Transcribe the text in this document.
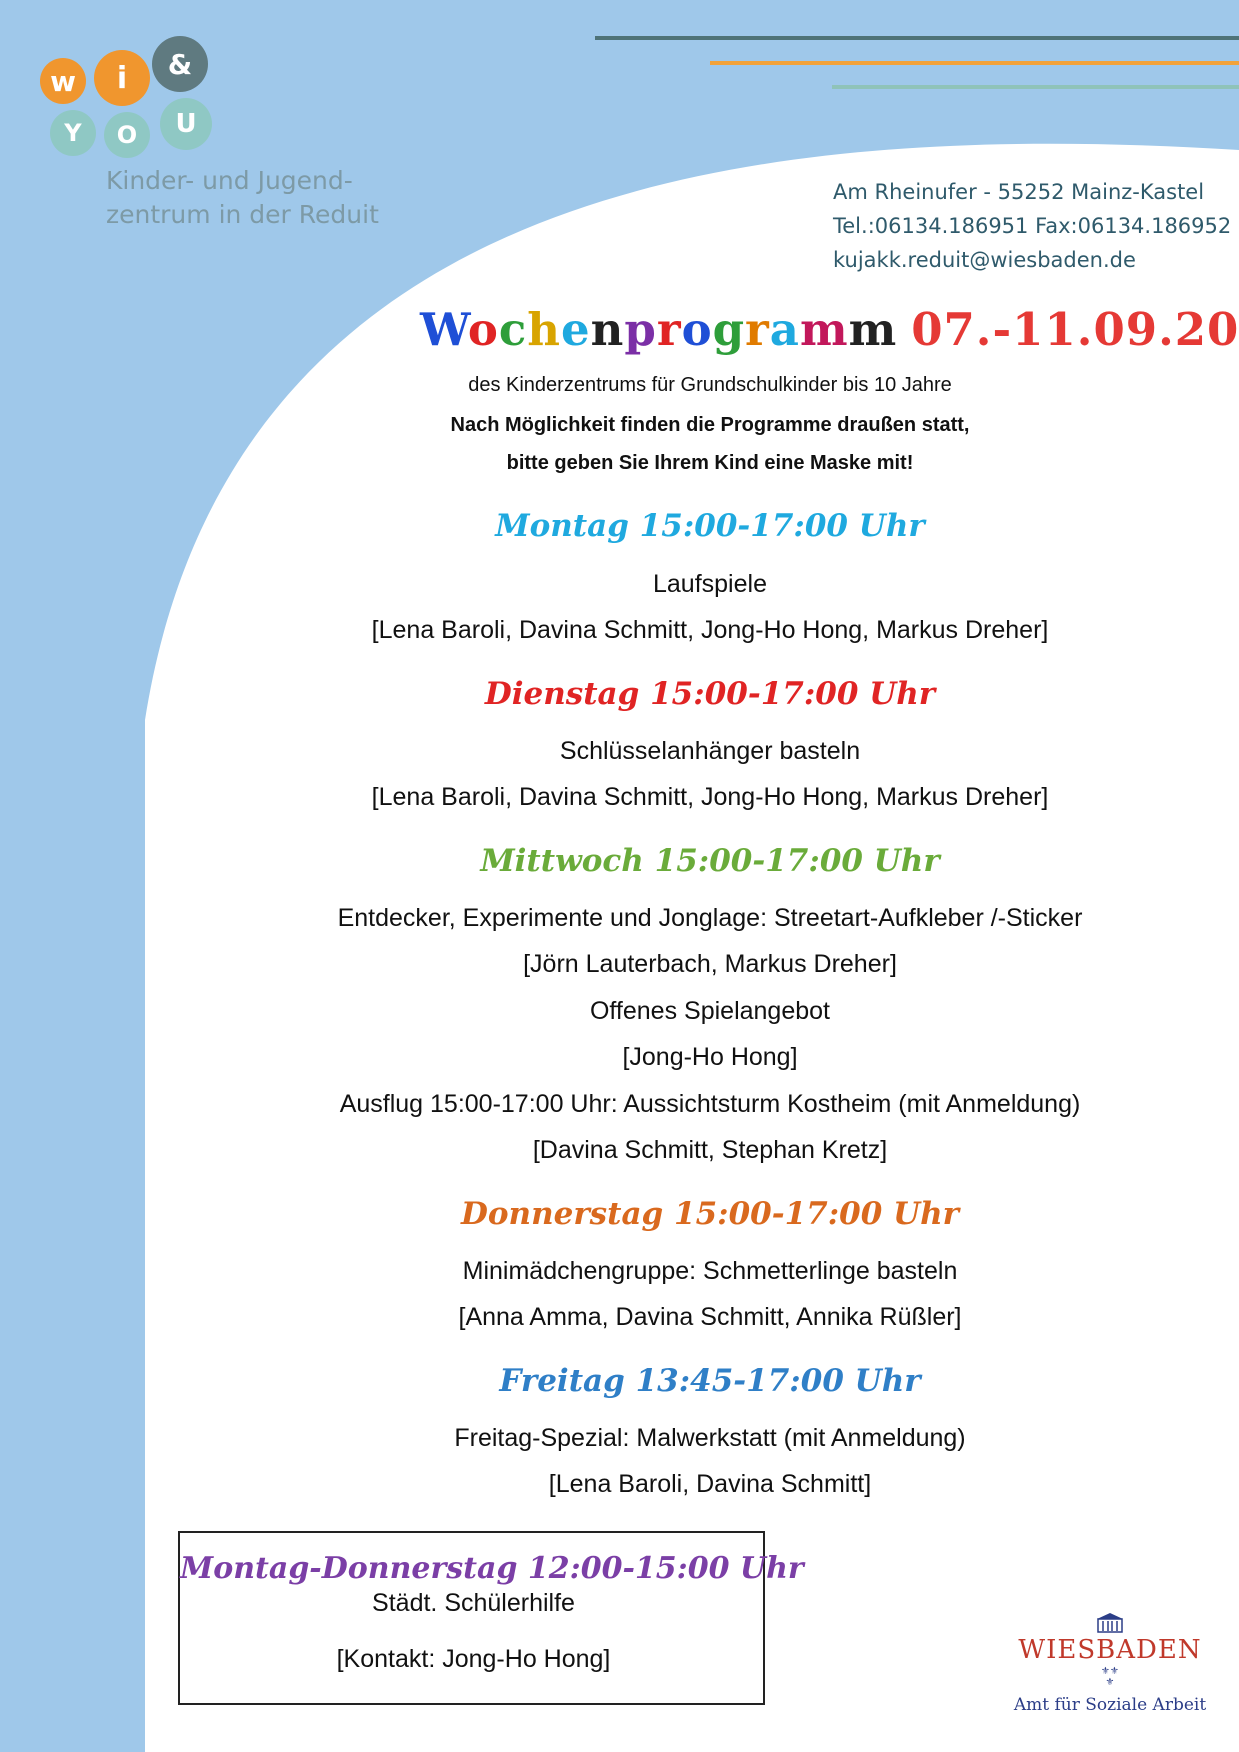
w	i	&
Y	O	U
Kinder- und Jugend-
zentrum in der Reduit
Am Rheinufer - 55252 Mainz-Kastel
Tel.:06134.186951 Fax:06134.186952
kujakk.reduit@wiesbaden.de
Wochenprogramm 07.-11.09.20
des Kinderzentrums für Grundschulkinder bis 10 Jahre
Nach Möglichkeit finden die Programme draußen statt,
bitte geben Sie Ihrem Kind eine Maske mit!
Montag 15:00-17:00 Uhr
Laufspiele
[Lena Baroli, Davina Schmitt, Jong-Ho Hong, Markus Dreher]
Dienstag 15:00-17:00 Uhr
Schlüsselanhänger basteln
[Lena Baroli, Davina Schmitt, Jong-Ho Hong, Markus Dreher]
Mittwoch 15:00-17:00 Uhr
Entdecker, Experimente und Jonglage: Streetart-Aufkleber /-Sticker
[Jörn Lauterbach, Markus Dreher]
Offenes Spielangebot
[Jong-Ho Hong]
Ausflug 15:00-17:00 Uhr: Aussichtsturm Kostheim (mit Anmeldung)
[Davina Schmitt, Stephan Kretz]
Donnerstag 15:00-17:00 Uhr
Minimädchengruppe: Schmetterlinge basteln
[Anna Amma, Davina Schmitt, Annika Rüßler]
Freitag 13:45-17:00 Uhr
Freitag-Spezial: Malwerkstatt (mit Anmeldung)
[Lena Baroli, Davina Schmitt]
Montag-Donnerstag 12:00-15:00 Uhr
Städt. Schülerhilfe
[Kontakt: Jong-Ho Hong]	WIESBADEN
⚜⚜
⚜
Amt für Soziale Arbeit
